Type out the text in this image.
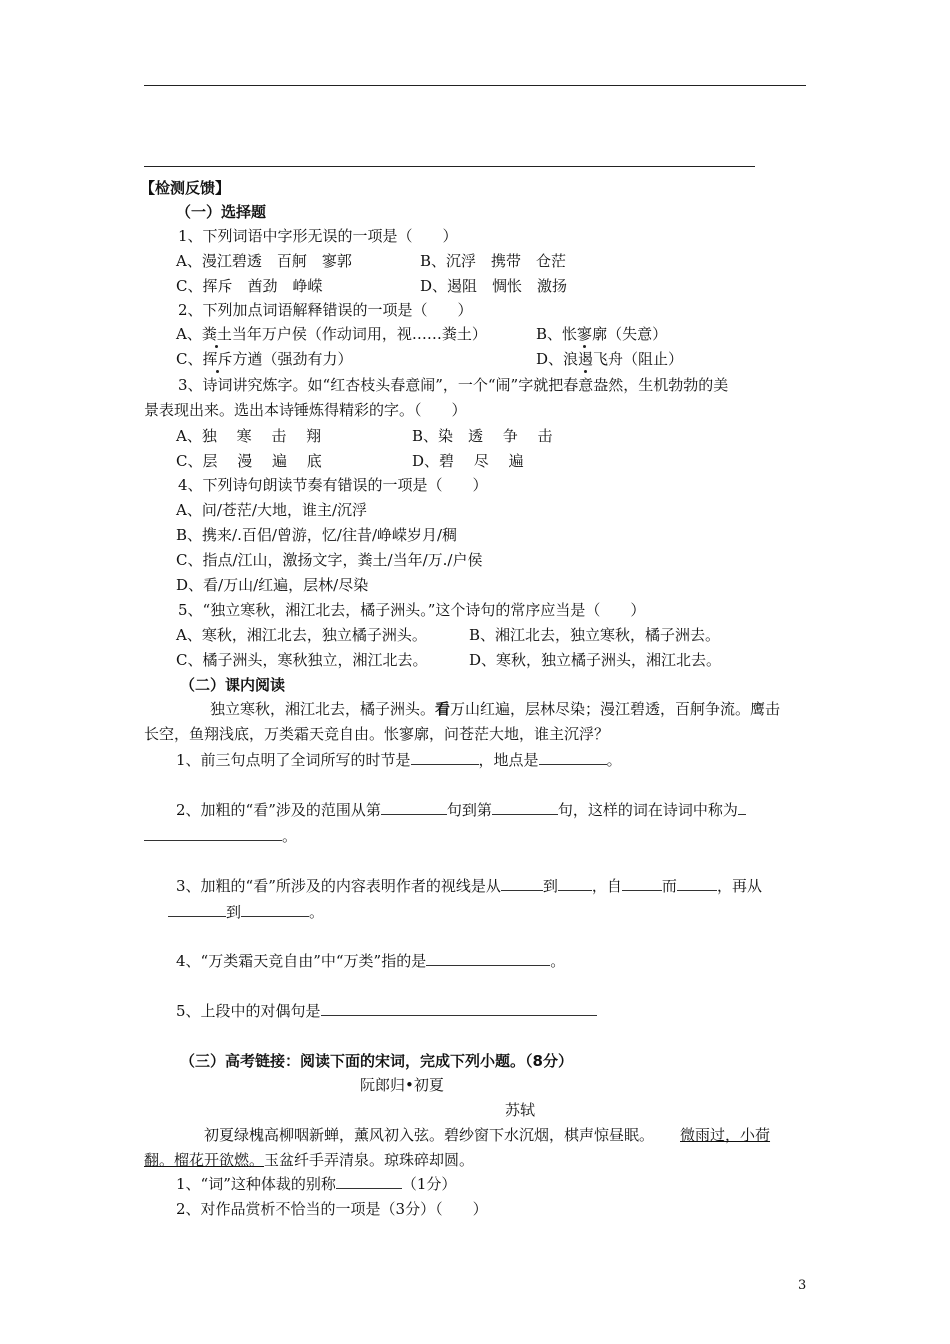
【检测反馈】
（一）选择题
1、下列词语中字形无误的一项是（　　）
A、漫江碧透　百舸　寥郭	B、沉浮　携带　仓茫
C、挥斥　酋劲　峥嵘	D、遏阻　惆怅　激扬
2、下列加点词语解释错误的一项是（　　）
A、粪土当年万户侯（作动词用，视……粪土）	B、怅寥廓（失意）
C、挥斥方遒（强劲有力）	D、浪遏飞舟（阻止）
3、诗词讲究炼字。如“红杏枝头春意闹”，一个“闹”字就把春意盎然，生机勃勃的美
景表现出来。选出本诗锤炼得精彩的字。（　　）
A、独　 寒　 击　 翔	B、染　透　 争　 击
C、层　 漫　 遍　 底	D、碧　 尽　 遍
4、下列诗句朗读节奏有错误的一项是（　　）
A、问/苍茫/大地，谁主/沉浮
B、携来/.百侣/曾游，忆/往昔/峥嵘岁月/稠
C、指点/江山，激扬文字，粪土/当年/万./户侯
D、看/万山/红遍，层林/尽染
5、“独立寒秋，湘江北去，橘子洲头。”这个诗句的常序应当是（　　）
A、寒秋，湘江北去，独立橘子洲头。	B、湘江北去，独立寒秋，橘子洲去。
C、橘子洲头，寒秋独立，湘江北去。	D、寒秋，独立橘子洲头，湘江北去。
（二）课内阅读
独立寒秋，湘江北去，橘子洲头。看万山红遍，层林尽染；漫江碧透，百舸争流。鹰击
长空，鱼翔浅底，万类霜天竞自由。怅寥廓，问苍茫大地，谁主沉浮？
1、前三句点明了全词所写的时节是	，地点是	。
2、加粗的“看”涉及的范围从第	句到第	句，这样的词在诗词中称为
。
3、加粗的“看”所涉及的内容表明作者的视线是从	到 ，自	而	，再从
到	。
4、“万类霜天竞自由”中“万类”指的是	。
5、上段中的对偶句是
（三）高考链接：阅读下面的宋词，完成下列小题。（8分）
阮郎归•初夏
苏轼
初夏绿槐高柳咽新蝉，薰风初入弦。碧纱窗下水沉烟，棋声惊昼眠。 微雨过，小荷
翻。榴花开欲燃。玉盆纤手弄清泉。琼珠碎却圆。
1、“词”这种体裁的别称	（1分）
2、对作品赏析不恰当的一项是（3分）（　　）
3
